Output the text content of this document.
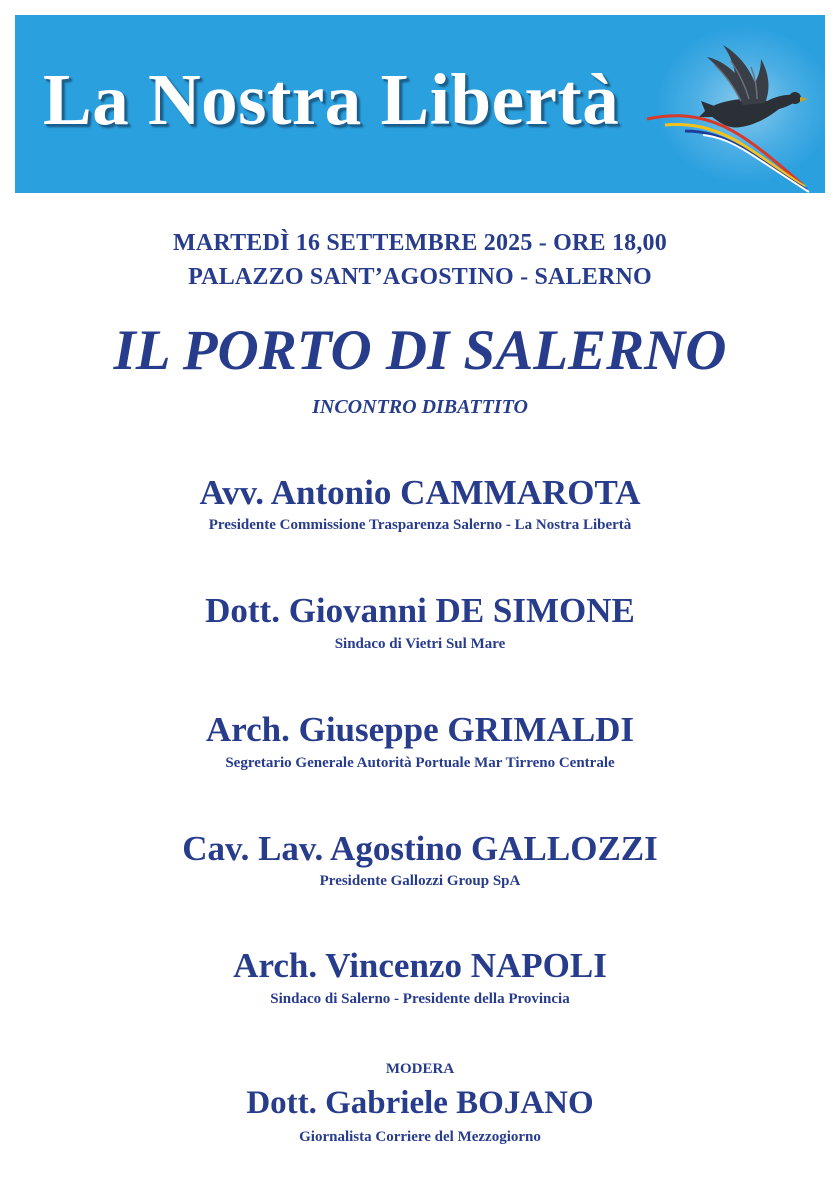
La Nostra Libertà
MARTEDÌ 16 SETTEMBRE 2025 - ORE 18,00
PALAZZO SANT’AGOSTINO - SALERNO
IL PORTO DI SALERNO
INCONTRO DIBATTITO
Avv. Antonio CAMMAROTA
Presidente Commissione Trasparenza Salerno - La Nostra Libertà
Dott. Giovanni DE SIMONE
Sindaco di Vietri Sul Mare
Arch. Giuseppe GRIMALDI
Segretario Generale Autorità Portuale Mar Tirreno Centrale
Cav. Lav. Agostino GALLOZZI
Presidente Gallozzi Group SpA
Arch. Vincenzo NAPOLI
Sindaco di Salerno - Presidente della Provincia
MODERA
Dott. Gabriele BOJANO
Giornalista Corriere del Mezzogiorno
